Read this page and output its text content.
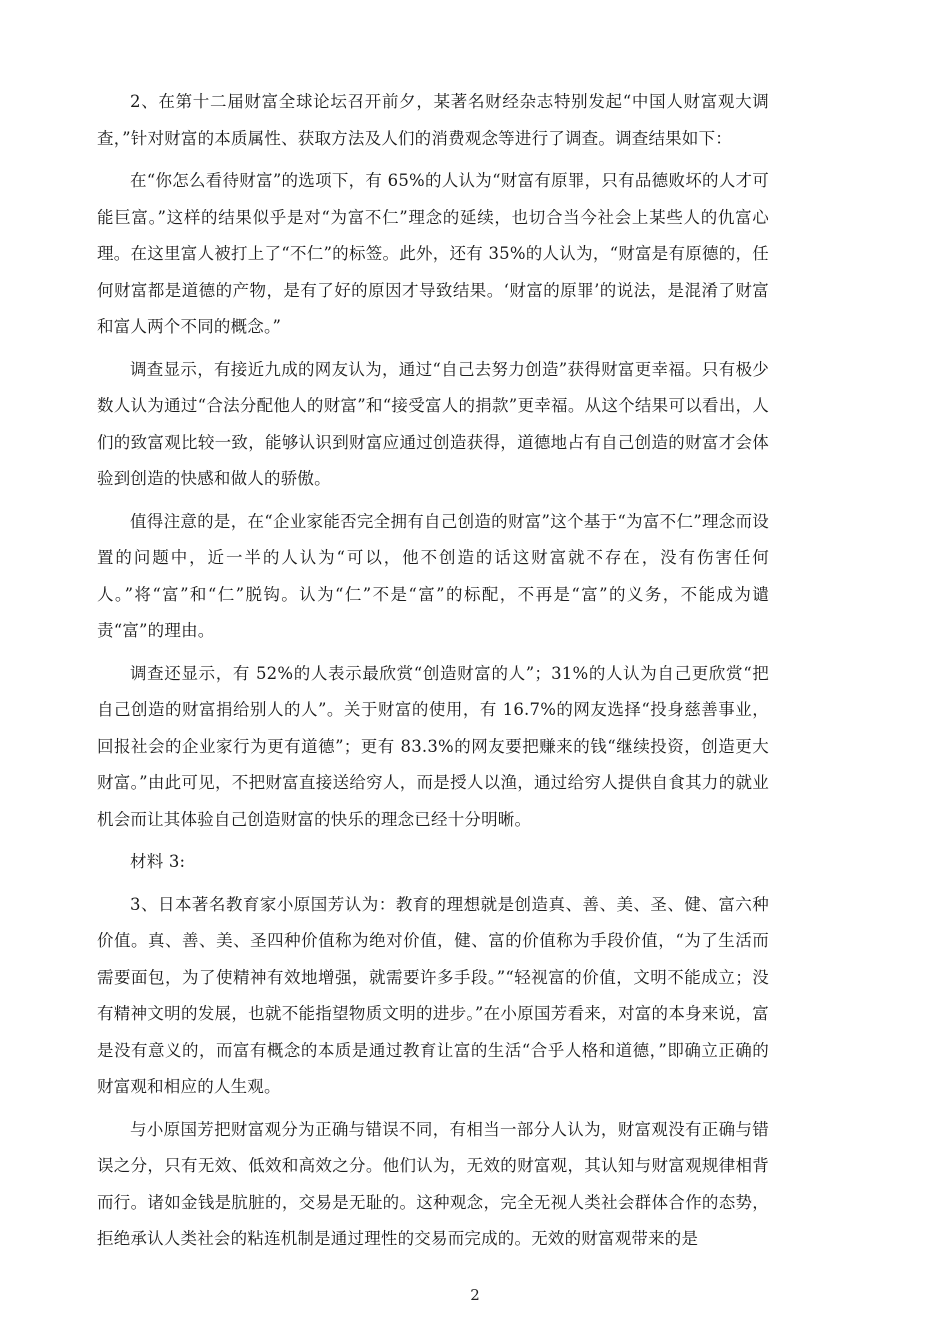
2、在第十二届财富全球论坛召开前夕，某著名财经杂志特别发起“中国人财富观大调查，”针对财富的本质属性、获取方法及人们的消费观念等进行了调查。调查结果如下：

在“你怎么看待财富”的选项下，有 65%的人认为“财富有原罪，只有品德败坏的人才可能巨富。”这样的结果似乎是对“为富不仁”理念的延续，也切合当今社会上某些人的仇富心理。在这里富人被打上了“不仁”的标签。此外，还有 35%的人认为，“财富是有原德的，任何财富都是道德的产物，是有了好的原因才导致结果。‘财富的原罪’的说法，是混淆了财富和富人两个不同的概念。”

调查显示，有接近九成的网友认为，通过“自己去努力创造”获得财富更幸福。只有极少数人认为通过“合法分配他人的财富”和“接受富人的捐款”更幸福。从这个结果可以看出，人们的致富观比较一致，能够认识到财富应通过创造获得，道德地占有自己创造的财富才会体验到创造的快感和做人的骄傲。

值得注意的是，在“企业家能否完全拥有自己创造的财富”这个基于“为富不仁”理念而设置的问题中，近一半的人认为“可以，他不创造的话这财富就不存在，没有伤害任何人。”将“富”和“仁”脱钩。认为“仁”不是“富”的标配，不再是“富”的义务，不能成为谴责“富”的理由。

调查还显示，有 52%的人表示最欣赏“创造财富的人”；31%的人认为自己更欣赏“把自己创造的财富捐给别人的人”。关于财富的使用，有 16.7%的网友选择“投身慈善事业，回报社会的企业家行为更有道德”；更有 83.3%的网友要把赚来的钱“继续投资，创造更大财富。”由此可见，不把财富直接送给穷人，而是授人以渔，通过给穷人提供自食其力的就业机会而让其体验自己创造财富的快乐的理念已经十分明晰。

材料 3:

3、日本著名教育家小原国芳认为：教育的理想就是创造真、善、美、圣、健、富六种价值。真、善、美、圣四种价值称为绝对价值，健、富的价值称为手段价值，“为了生活而需要面包，为了使精神有效地增强，就需要许多手段。”“轻视富的价值，文明不能成立；没有精神文明的发展，也就不能指望物质文明的进步。”在小原国芳看来，对富的本身来说，富是没有意义的，而富有概念的本质是通过教育让富的生活“合乎人格和道德，”即确立正确的财富观和相应的人生观。

与小原国芳把财富观分为正确与错误不同，有相当一部分人认为，财富观没有正确与错误之分，只有无效、低效和高效之分。他们认为，无效的财富观，其认知与财富观规律相背而行。诸如金钱是肮脏的，交易是无耻的。这种观念，完全无视人类社会群体合作的态势，拒绝承认人类社会的粘连机制是通过理性的交易而完成的。无效的财富观带来的是

2
